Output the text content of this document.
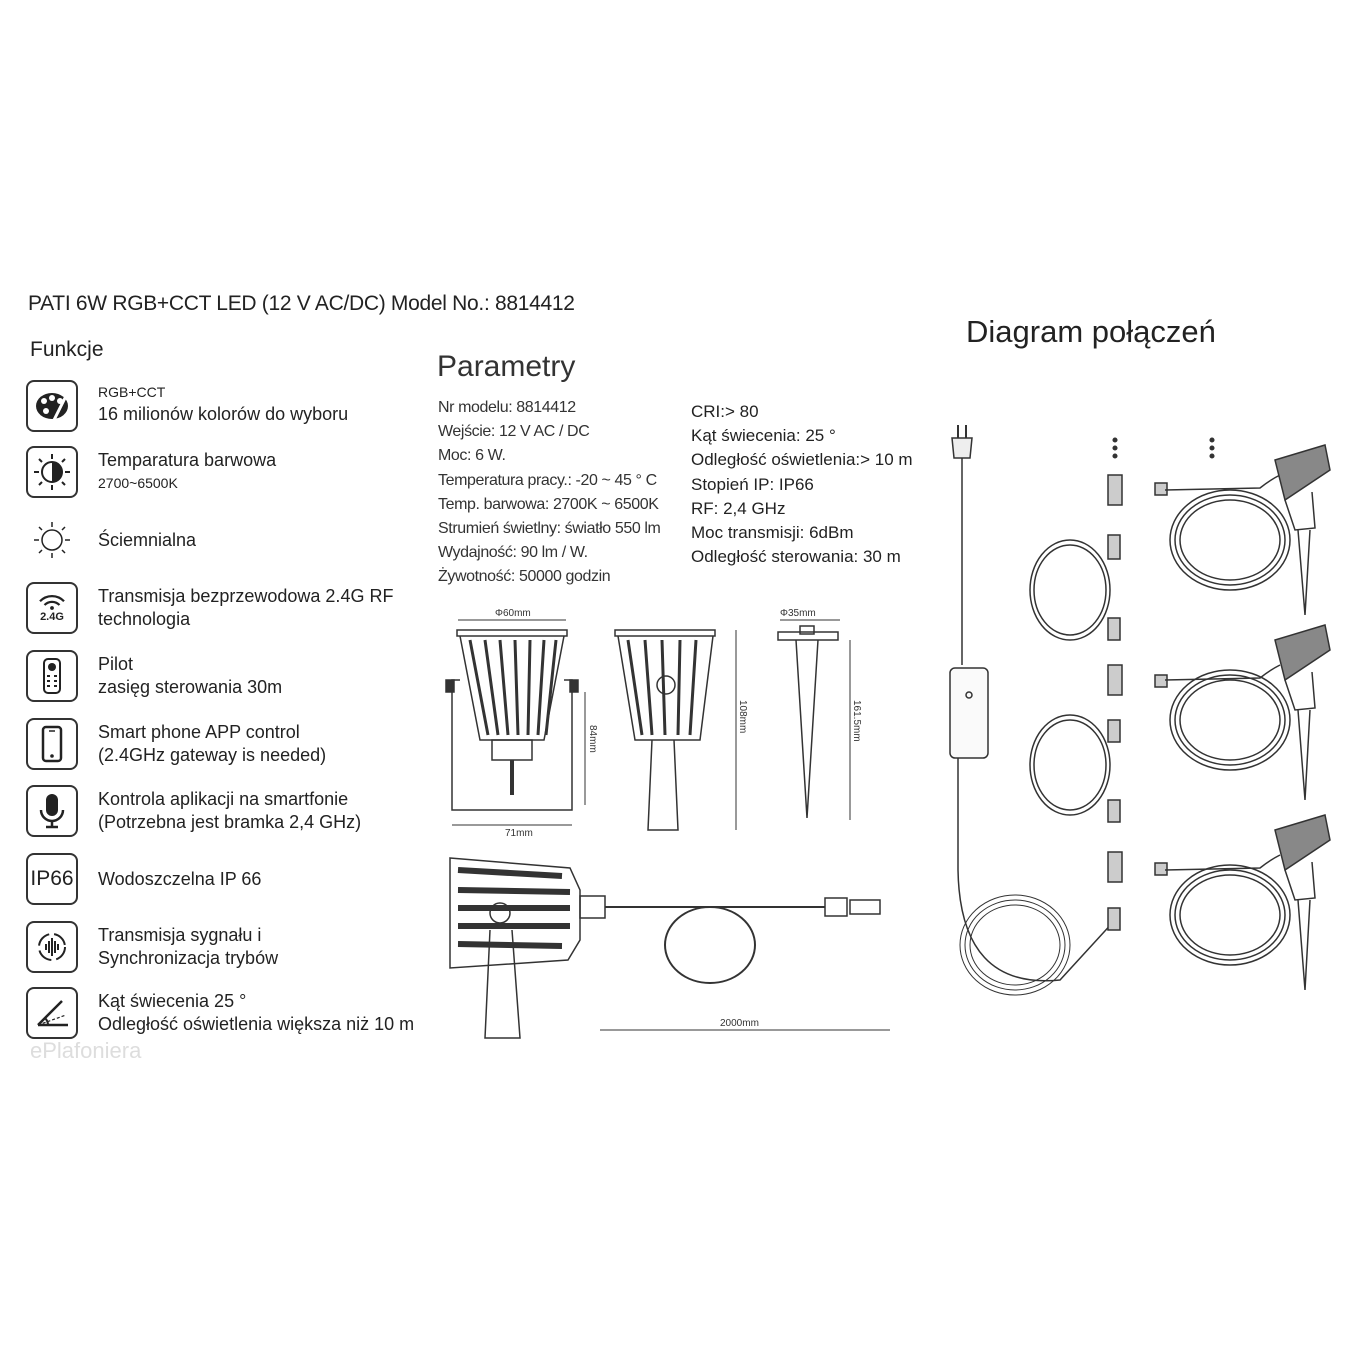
PATI 6W RGB+CCT LED (12 V AC/DC) Model No.: 8814412
Funkcje
RGB+CCT
16 milionów kolorów do wyboru
Temparatura barwowa
2700~6500K
Ściemnialna
2.4G
Transmisja bezprzewodowa 2.4G RF
technologia
Pilot
zasięg sterowania 30m
Smart phone APP control
(2.4GHz gateway is needed)
Kontrola aplikacji na smartfonie
(Potrzebna jest bramka 2,4 GHz)
IP66 Wodoszczelna IP 66
Transmisja sygnału i
Synchronizacja trybów
Kąt świecenia 25 °
Odległość oświetlenia większa niż 10 m
ePlafoniera
Parametry
Nr modelu: 8814412
Wejście: 12 V AC / DC
Moc: 6 W.
Temperatura pracy.: -20 ~ 45 ° C
Temp. barwowa: 2700K ~ 6500K
Strumień świetlny: światło 550 lm
Wydajność: 90 lm / W.
Żywotność: 50000 godzin
CRI:> 80
Kąt świecenia: 25 °
Odległość oświetlenia:> 10 m
Stopień IP: IP66
RF: 2,4 GHz
Moc transmisji: 6dBm
Odległość sterowania: 30 m
Φ60mm	Φ35mm
71mm
84mm
108mm	161.5mm
2000mm
Diagram połączeń
